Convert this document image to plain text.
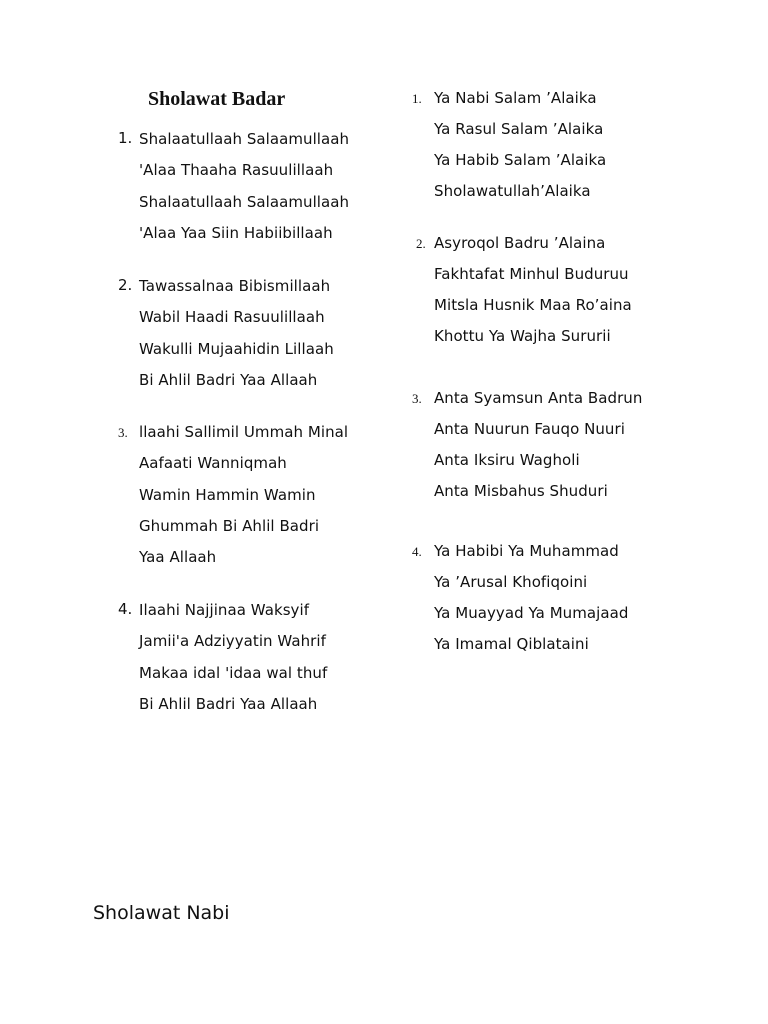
Sholawat Badar
1. Shalaatullaah Salaamullaah
'Alaa Thaaha Rasuulillaah
Shalaatullaah Salaamullaah
'Alaa Yaa Siin Habiibillaah
2. Tawassalnaa Bibismillaah
Wabil Haadi Rasuulillaah
Wakulli Mujaahidin Lillaah
Bi Ahlil Badri Yaa Allaah
3. llaahi Sallimil Ummah Minal
Aafaati Wanniqmah
Wamin Hammin Wamin
Ghummah Bi Ahlil Badri
Yaa Allaah
4. Ilaahi Najjinaa Waksyif
Jamii'a Adziyyatin Wahrif
Makaa idal 'idaa wal thuf
Bi Ahlil Badri Yaa Allaah
1. Ya Nabi Salam ’Alaika
Ya Rasul Salam ’Alaika
Ya Habib Salam ’Alaika
Sholawatullah’Alaika
2. Asyroqol Badru ’Alaina
Fakhtafat Minhul Buduruu
Mitsla Husnik Maa Ro’aina
Khottu Ya Wajha Sururii
3. Anta Syamsun Anta Badrun
Anta Nuurun Fauqo Nuuri
Anta Iksiru Wagholi
Anta Misbahus Shuduri
4. Ya Habibi Ya Muhammad
Ya ’Arusal Khofiqoini
Ya Muayyad Ya Mumajaad
Ya Imamal Qiblataini
Sholawat Nabi
